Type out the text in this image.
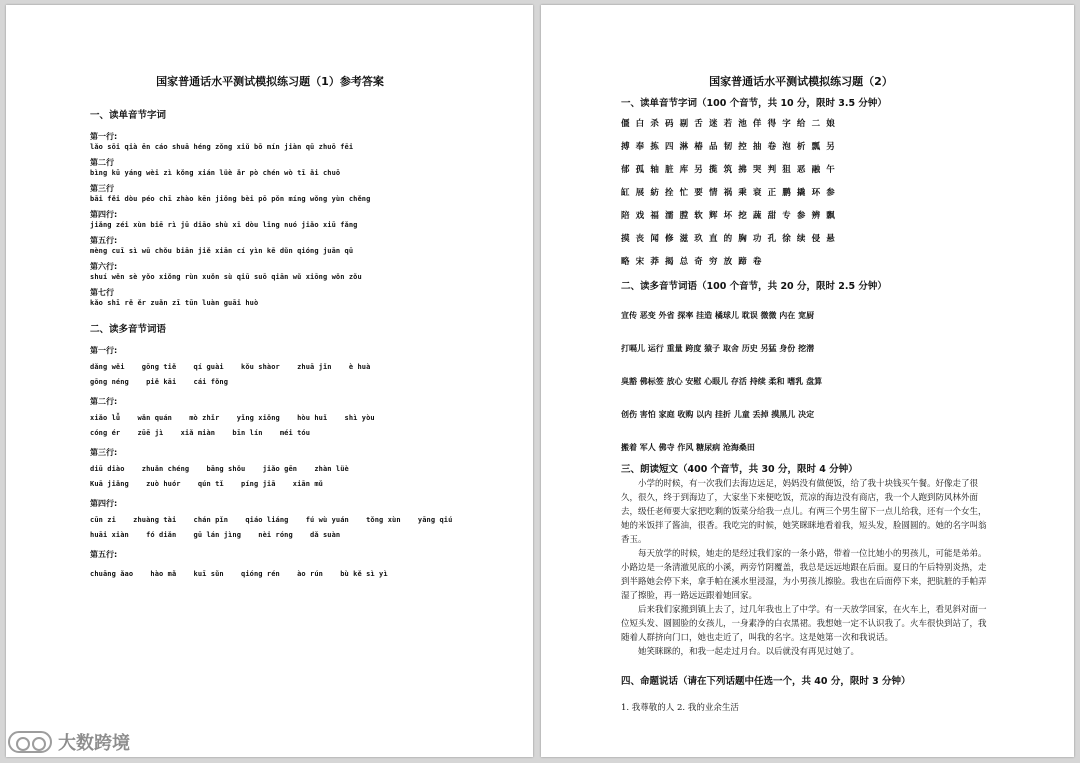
国家普通话水平测试模拟练习题（1）参考答案
一、读单音节字词
第一行:
lǎo sōi qià ēn cáo shuā héng zǒng xiǔ bō mín jiàn qū zhuō fēi
第二行
bìng kū yáng wèi zì kǒng xián lüè ǎr pò chén wò tī ǎi chuō
第三行
bāi fěi dòu péo chī zhào kēn jiǒng bèi pō pǒn míng wǒng yùn chěng
第四行:
jiǎng zéi xùn biē rì jū diāo shù xī dòu lǐng nuó jiǎo xiū fǎng
第五行:
mèng cuī sì wū chǒu biān jiě xiān cí yìn kē dǔn qióng juān qū
第六行:
shuí wěn sè yǒo xiǒng rùn xuǒn sù qiū suō qiān wǔ xiōng wǒn zǒu
第七行
kǎo shī rě ěr zuǎn zī tūn luàn guāi huò
二、读多音节词语
第一行:
dǎng wěi    gōng tiě    qí guài    kǒu shàor    zhuā jǐn    è huà
gōng néng    piě kāi    cái fǒng
第二行:
xiǎo lǚ    wǎn quán    mò zhǐr    yǐng xiǒng    hòu huǐ    shì yòu
cóng ér    zūē jì    xiǎ miàn    bīn lín    méi tóu
第三行:
diū diào    zhuǎn chéng    bāng shǒu    jiǎo gēn    zhàn lüè
Kuā jiǎng    zuò huór    qún tǐ    píng jiā    xiān mǔ
第四行:
cūn zi    zhuàng tài    chán pǐn    qiáo liáng    fú wù yuán    tǒng xùn    yāng qiú
huāi xiàn    fó diǎn    gū lán jìng    nèi róng    dǎ suàn
第五行:
chuāng ǎao    hào mǎ    kuī sǔn    qióng rén    ào rún    bù kě sì yì
国家普通话水平测试模拟练习题（2）
一、读单音节字词（100 个音节，共 10 分，限时 3.5 分钟）
僵 白 杀 码 剔 舌 迷 若 池 佯 得 字 给 二 娘
搏 奉 拣 四 淋 椿 品 韧 控 抽 卷 泡 析 瓢 另
郁 孤 轴 脏 库 另 揽 筑 拂 哭 判 狙 恶 融 午
缸 展 紡 拴 忙 要 情 祸 乘 衰 正 鹏 撬 环 参
陪 戏 福 濡 膛 软 辉 坏 挖 蔬 甜 专 参 辨 飘
摸 丧 闻 修 滋 玖 直 的 胸 功 孔 徐 续 侵 悬
略 宋 莽 揭 总 奇 穷 放 蹄 卷
二、读多音节词语（100 个音节，共 20 分，限时 2.5 分钟）
宣传 恶变 外省 探率 挂造 橘球儿 耽误 微微 内在 宽厨
打嗝儿 运行 重量 跨度 猿子 取舍 历史 另猛 身份 挖潜
臭豁 佛标签 放心 安慰 心眼儿 存活 持续 柔和 嗜乳 盘算
创伤 害怕 家庭 收购 以内 挂折 儿童 丢掉 摸黑儿 决定
搬着 军人 佛寺 作风 糖尿病 沧海桑田
三、朗读短文（400 个音节，共 30 分，限时 4 分钟）

小学的时候，有一次我们去海边远足，妈妈没有做便饭，给了我十块钱买午餐。好像走了很久，很久，终于到海边了，大家坐下来便吃饭，荒凉的海边没有商店，我一个人跑到防风林外面去，级任老师要大家把吃剩的饭菜分给我一点儿。有两三个男生留下一点儿给我，还有一个女生，她的米饭拌了酱油，很香。我吃完的时候，她笑眯眯地看着我，短头发，脸圆圆的。她的名字叫翁香玉。

每天放学的时候，她走的是经过我们家的一条小路，带着一位比她小的男孩儿，可能是弟弟。小路边是一条清澈见底的小溪，两旁竹阴覆盖，我总是远远地跟在后面。夏日的午后特别炎热，走到半路她会停下来，拿手帕在溪水里浸湿，为小男孩儿擦脸。我也在后面停下来，把肮脏的手帕弄湿了擦脸，再一路远远跟着她回家。

后来我们家搬到镇上去了，过几年我也上了中学。有一天放学回家，在火车上，看见斜对面一位短头发、圆圆脸的女孩儿，一身素净的白衣黑裙。我想她一定不认识我了。火车很快到站了，我随着人群挤向门口，她也走近了，叫我的名字。这是她第一次和我说话。

她笑眯眯的，和我一起走过月台。以后就没有再见过她了。

四、命题说话（请在下列话题中任选一个，共 40 分，限时 3 分钟）
1. 我尊敬的人 2. 我的业余生活
大数跨境
